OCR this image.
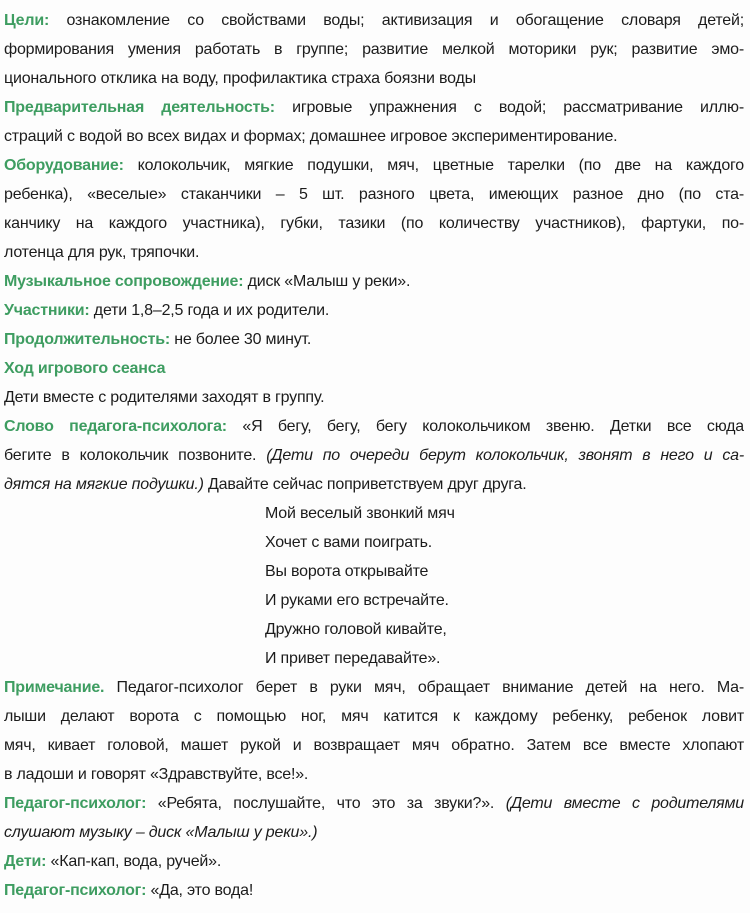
Цели: ознакомление со свойствами воды; активизация и обогащение словаря детей;
формирования умения работать в группе; развитие мелкой моторики рук; развитие эмо-
ционального отклика на воду, профилактика страха боязни воды
Предварительная деятельность: игровые упражнения с водой; рассматривание иллю-
страций с водой во всех видах и формах; домашнее игровое экспериментирование.
Оборудование: колокольчик, мягкие подушки, мяч, цветные тарелки (по две на каждого
ребенка), «веселые» стаканчики – 5 шт. разного цвета, имеющих разное дно (по ста-
канчику на каждого участника), губки, тазики (по количеству участников), фартуки, по-
лотенца для рук, тряпочки.
Музыкальное сопровождение: диск «Малыш у реки».
Участники: дети 1,8–2,5 года и их родители.
Продолжительность: не более 30 минут.
Ход игрового сеанса
Дети вместе с родителями заходят в группу.
Слово педагога-психолога: «Я бегу, бегу, бегу колокольчиком звеню. Детки все сюда
бегите в колокольчик позвоните. (Дети по очереди берут колокольчик, звонят в него и са-
дятся на мягкие подушки.) Давайте сейчас поприветствуем друг друга.
Мой веселый звонкий мяч
Хочет с вами поиграть.
Вы ворота открывайте
И руками его встречайте.
Дружно головой кивайте,
И привет передавайте».
Примечание. Педагог-психолог берет в руки мяч, обращает внимание детей на него. Ма-
лыши делают ворота с помощью ног, мяч катится к каждому ребенку, ребенок ловит
мяч, кивает головой, машет рукой и возвращает мяч обратно. Затем все вместе хлопают
в ладоши и говорят «Здравствуйте, все!».
Педагог-психолог: «Ребята, послушайте, что это за звуки?». (Дети вместе с родителями
слушают музыку – диск «Малыш у реки».)
Дети: «Кап-кап, вода, ручей».
Педагог-психолог: «Да, это вода!
